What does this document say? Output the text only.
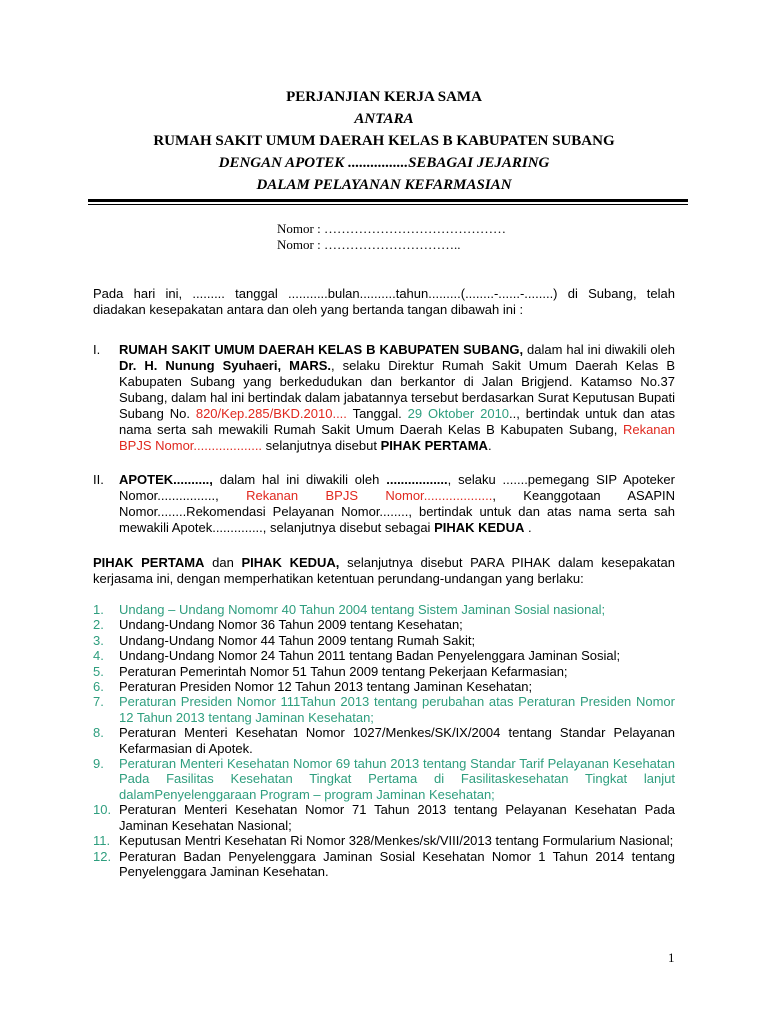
PERJANJIAN KERJA SAMA
ANTARA
RUMAH SAKIT UMUM DAERAH KELAS B KABUPATEN SUBANG
DENGAN APOTEK ................SEBAGAI JEJARING
DALAM PELAYANAN KEFARMASIAN
Nomor : ……………………………………
Nomor : …………………………..
Pada hari ini, ......... tanggal ...........bulan..........tahun.........(........-......-........) di Subang, telah diadakan kesepakatan antara dan oleh yang bertanda tangan dibawah ini :
I. RUMAH SAKIT UMUM DAERAH KELAS B KABUPATEN SUBANG, dalam hal ini diwakili oleh Dr. H. Nunung Syuhaeri, MARS., selaku Direktur Rumah Sakit Umum Daerah Kelas B Kabupaten Subang yang berkedudukan dan berkantor di Jalan Brigjend. Katamso No.37 Subang, dalam hal ini bertindak dalam jabatannya tersebut berdasarkan Surat Keputusan Bupati Subang No. 820/Kep.285/BKD.2010.... Tanggal. 29 Oktober 2010.., bertindak untuk dan atas nama serta sah mewakili Rumah Sakit Umum Daerah Kelas B Kabupaten Subang, Rekanan BPJS Nomor................... selanjutnya disebut PIHAK PERTAMA.
II. APOTEK.........., dalam hal ini diwakili oleh ................., selaku .......pemegang SIP Apoteker Nomor................, Rekanan BPJS Nomor..................., Keanggotaan ASAPIN Nomor........Rekomendasi Pelayanan Nomor........, bertindak untuk dan atas nama serta sah mewakili Apotek.............., selanjutnya disebut sebagai PIHAK KEDUA .
PIHAK PERTAMA dan PIHAK KEDUA, selanjutnya disebut PARA PIHAK dalam kesepakatan kerjasama ini, dengan memperhatikan ketentuan perundang-undangan yang berlaku:
1. Undang – Undang Nomomr 40 Tahun 2004 tentang Sistem Jaminan Sosial nasional;
2. Undang-Undang Nomor 36 Tahun 2009 tentang Kesehatan;
3. Undang-Undang Nomor 44 Tahun 2009 tentang Rumah Sakit;
4. Undang-Undang Nomor 24 Tahun 2011 tentang Badan Penyelenggara Jaminan Sosial;
5. Peraturan Pemerintah Nomor 51 Tahun 2009 tentang Pekerjaan Kefarmasian;
6. Peraturan Presiden Nomor 12 Tahun 2013 tentang Jaminan Kesehatan;
7. Peraturan Presiden Nomor 111Tahun 2013 tentang perubahan atas Peraturan Presiden Nomor 12 Tahun 2013 tentang Jaminan Kesehatan;
8. Peraturan Menteri Kesehatan Nomor 1027/Menkes/SK/IX/2004 tentang Standar Pelayanan Kefarmasian di Apotek.
9. Peraturan Menteri Kesehatan Nomor 69 tahun 2013 tentang Standar Tarif Pelayanan Kesehatan Pada Fasilitas Kesehatan Tingkat Pertama di Fasilitaskesehatan Tingkat lanjut dalamPenyelenggaraan Program – program Jaminan Kesehatan;
10. Peraturan Menteri Kesehatan Nomor 71 Tahun 2013 tentang Pelayanan Kesehatan Pada Jaminan Kesehatan Nasional;
11. Keputusan Mentri Kesehatan Ri Nomor 328/Menkes/sk/VIII/2013 tentang Formularium Nasional;
12. Peraturan Badan Penyelenggara Jaminan Sosial Kesehatan Nomor 1 Tahun 2014 tentang Penyelenggara Jaminan Kesehatan.
1
